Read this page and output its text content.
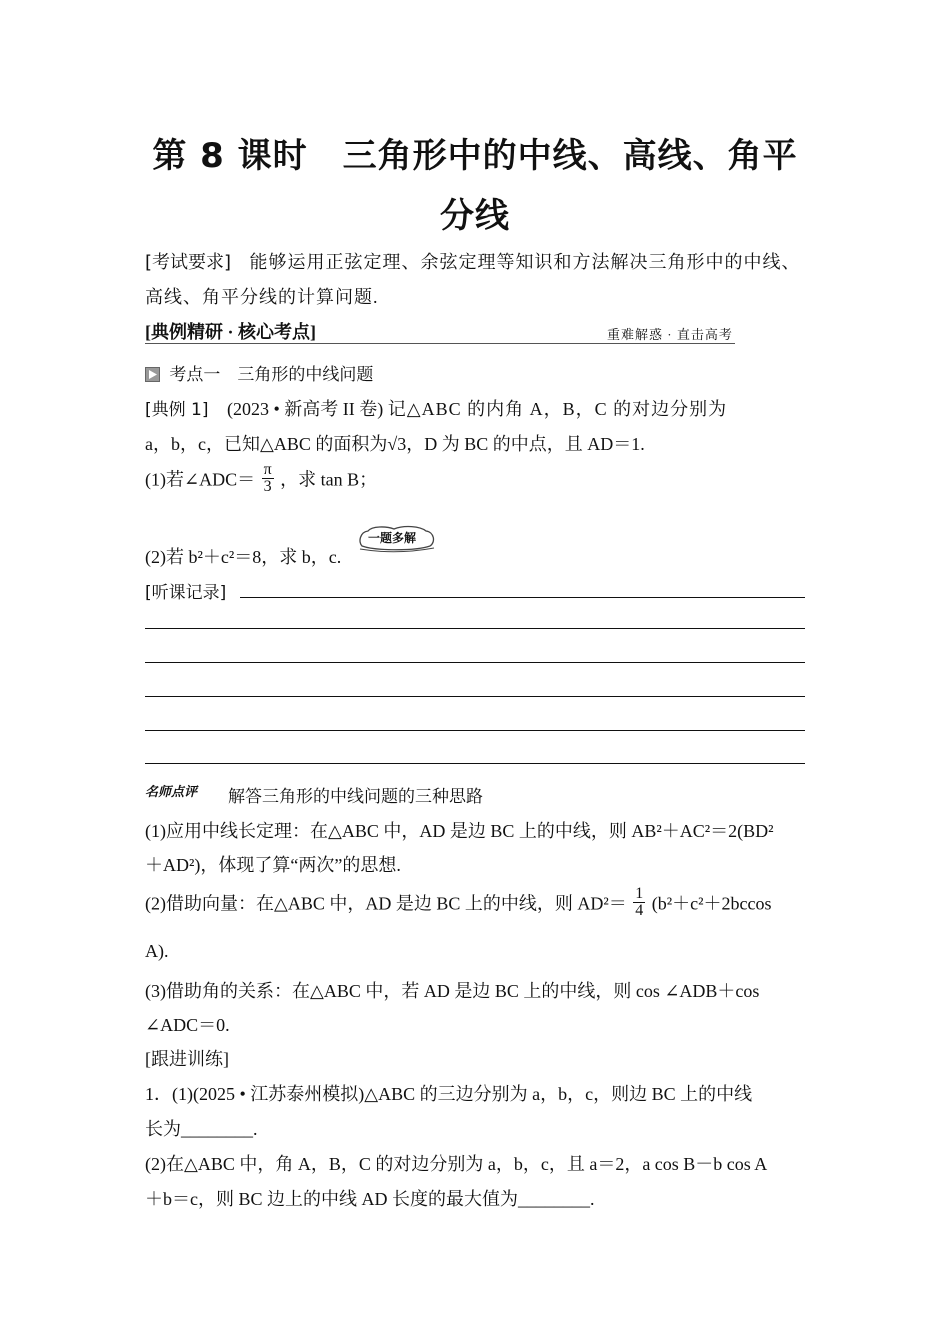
第 8 课时　三角形中的中线、高线、角平
分线
[考试要求] 能够运用正弦定理、余弦定理等知识和方法解决三角形中的中线、
高线、角平分线的计算问题.
[典例精研 · 核心考点]	重难解惑 · 直击高考
考点一　三角形的中线问题
[典例 1] (2023 • 新高考 II 卷) 记△ABC 的内角 A，B，C 的对边分别为
a，b，c，已知△ABC 的面积为√3，D 为 BC 的中点，且 AD＝1.
(1)若∠ADC＝ $\frac{\pi}{3}$ ，求 tan B；
(2)若 b²＋c²＝8，求 b，c.
一题多解
[听课记录]
名师点评 解答三角形的中线问题的三种思路
(1)应用中线长定理：在△ABC 中，AD 是边 BC 上的中线，则 AB²＋AC²＝2(BD²
＋AD²)，体现了算“两次”的思想.
(2)借助向量：在△ABC 中，AD 是边 BC 上的中线，则 $AD^2= \frac{1}{4} (b^2+c^2+2bccos$
A).
(3)借助角的关系：在△ABC 中，若 AD 是边 BC 上的中线，则 cos ∠ADB＋cos
∠ADC＝0.
[跟进训练]
1．(1)(2025 • 江苏泰州模拟)△ABC 的三边分别为 a，b，c，则边 BC 上的中线
长为________.
(2)在△ABC 中，角 A，B，C 的对边分别为 a，b，c，且 a＝2，a cos B－b cos A
＋b＝c，则 BC 边上的中线 AD 长度的最大值为________.
